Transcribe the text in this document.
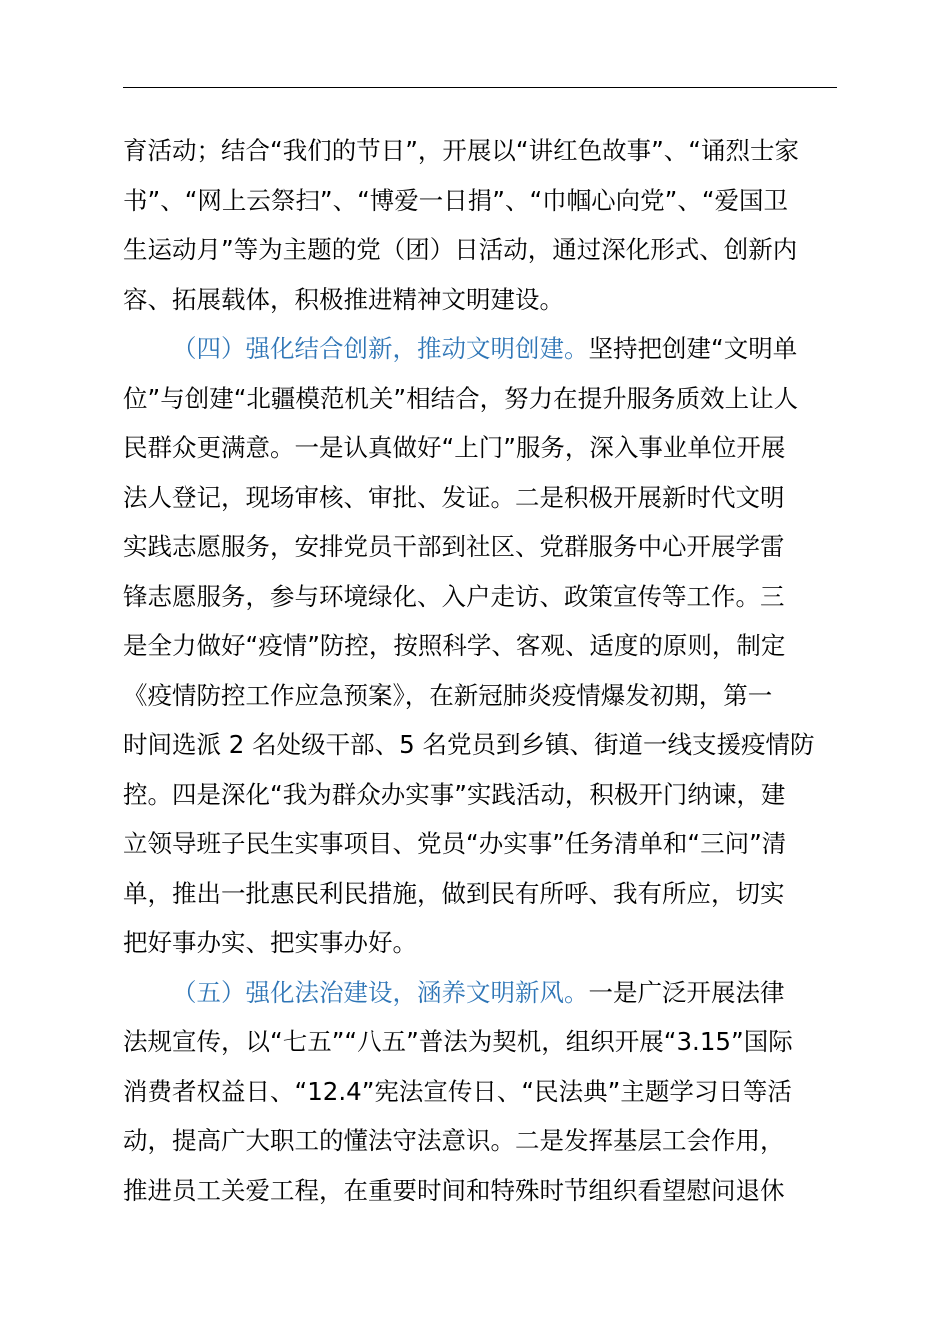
育活动；结合“我们的节日”，开展以“讲红色故事”、“诵烈士家
书”、“网上云祭扫”、“博爱一日捐”、“巾帼心向党”、“爱国卫
生运动月”等为主题的党（团）日活动，通过深化形式、创新内
容、拓展载体，积极推进精神文明建设。
（四）强化结合创新，推动文明创建。坚持把创建“文明单
位”与创建“北疆模范机关”相结合，努力在提升服务质效上让人
民群众更满意。一是认真做好“上门”服务，深入事业单位开展
法人登记，现场审核、审批、发证。二是积极开展新时代文明
实践志愿服务，安排党员干部到社区、党群服务中心开展学雷
锋志愿服务，参与环境绿化、入户走访、政策宣传等工作。三
是全力做好“疫情”防控，按照科学、客观、适度的原则，制定
《疫情防控工作应急预案》，在新冠肺炎疫情爆发初期，第一
时间选派 2 名处级干部、5 名党员到乡镇、街道一线支援疫情防
控。四是深化“我为群众办实事”实践活动，积极开门纳谏，建
立领导班子民生实事项目、党员“办实事”任务清单和“三问”清
单，推出一批惠民利民措施，做到民有所呼、我有所应，切实
把好事办实、把实事办好。
（五）强化法治建设，涵养文明新风。一是广泛开展法律
法规宣传，以“七五”“八五”普法为契机，组织开展“3.15”国际
消费者权益日、“12.4”宪法宣传日、“民法典”主题学习日等活
动，提高广大职工的懂法守法意识。二是发挥基层工会作用，
推进员工关爱工程，在重要时间和特殊时节组织看望慰问退休
